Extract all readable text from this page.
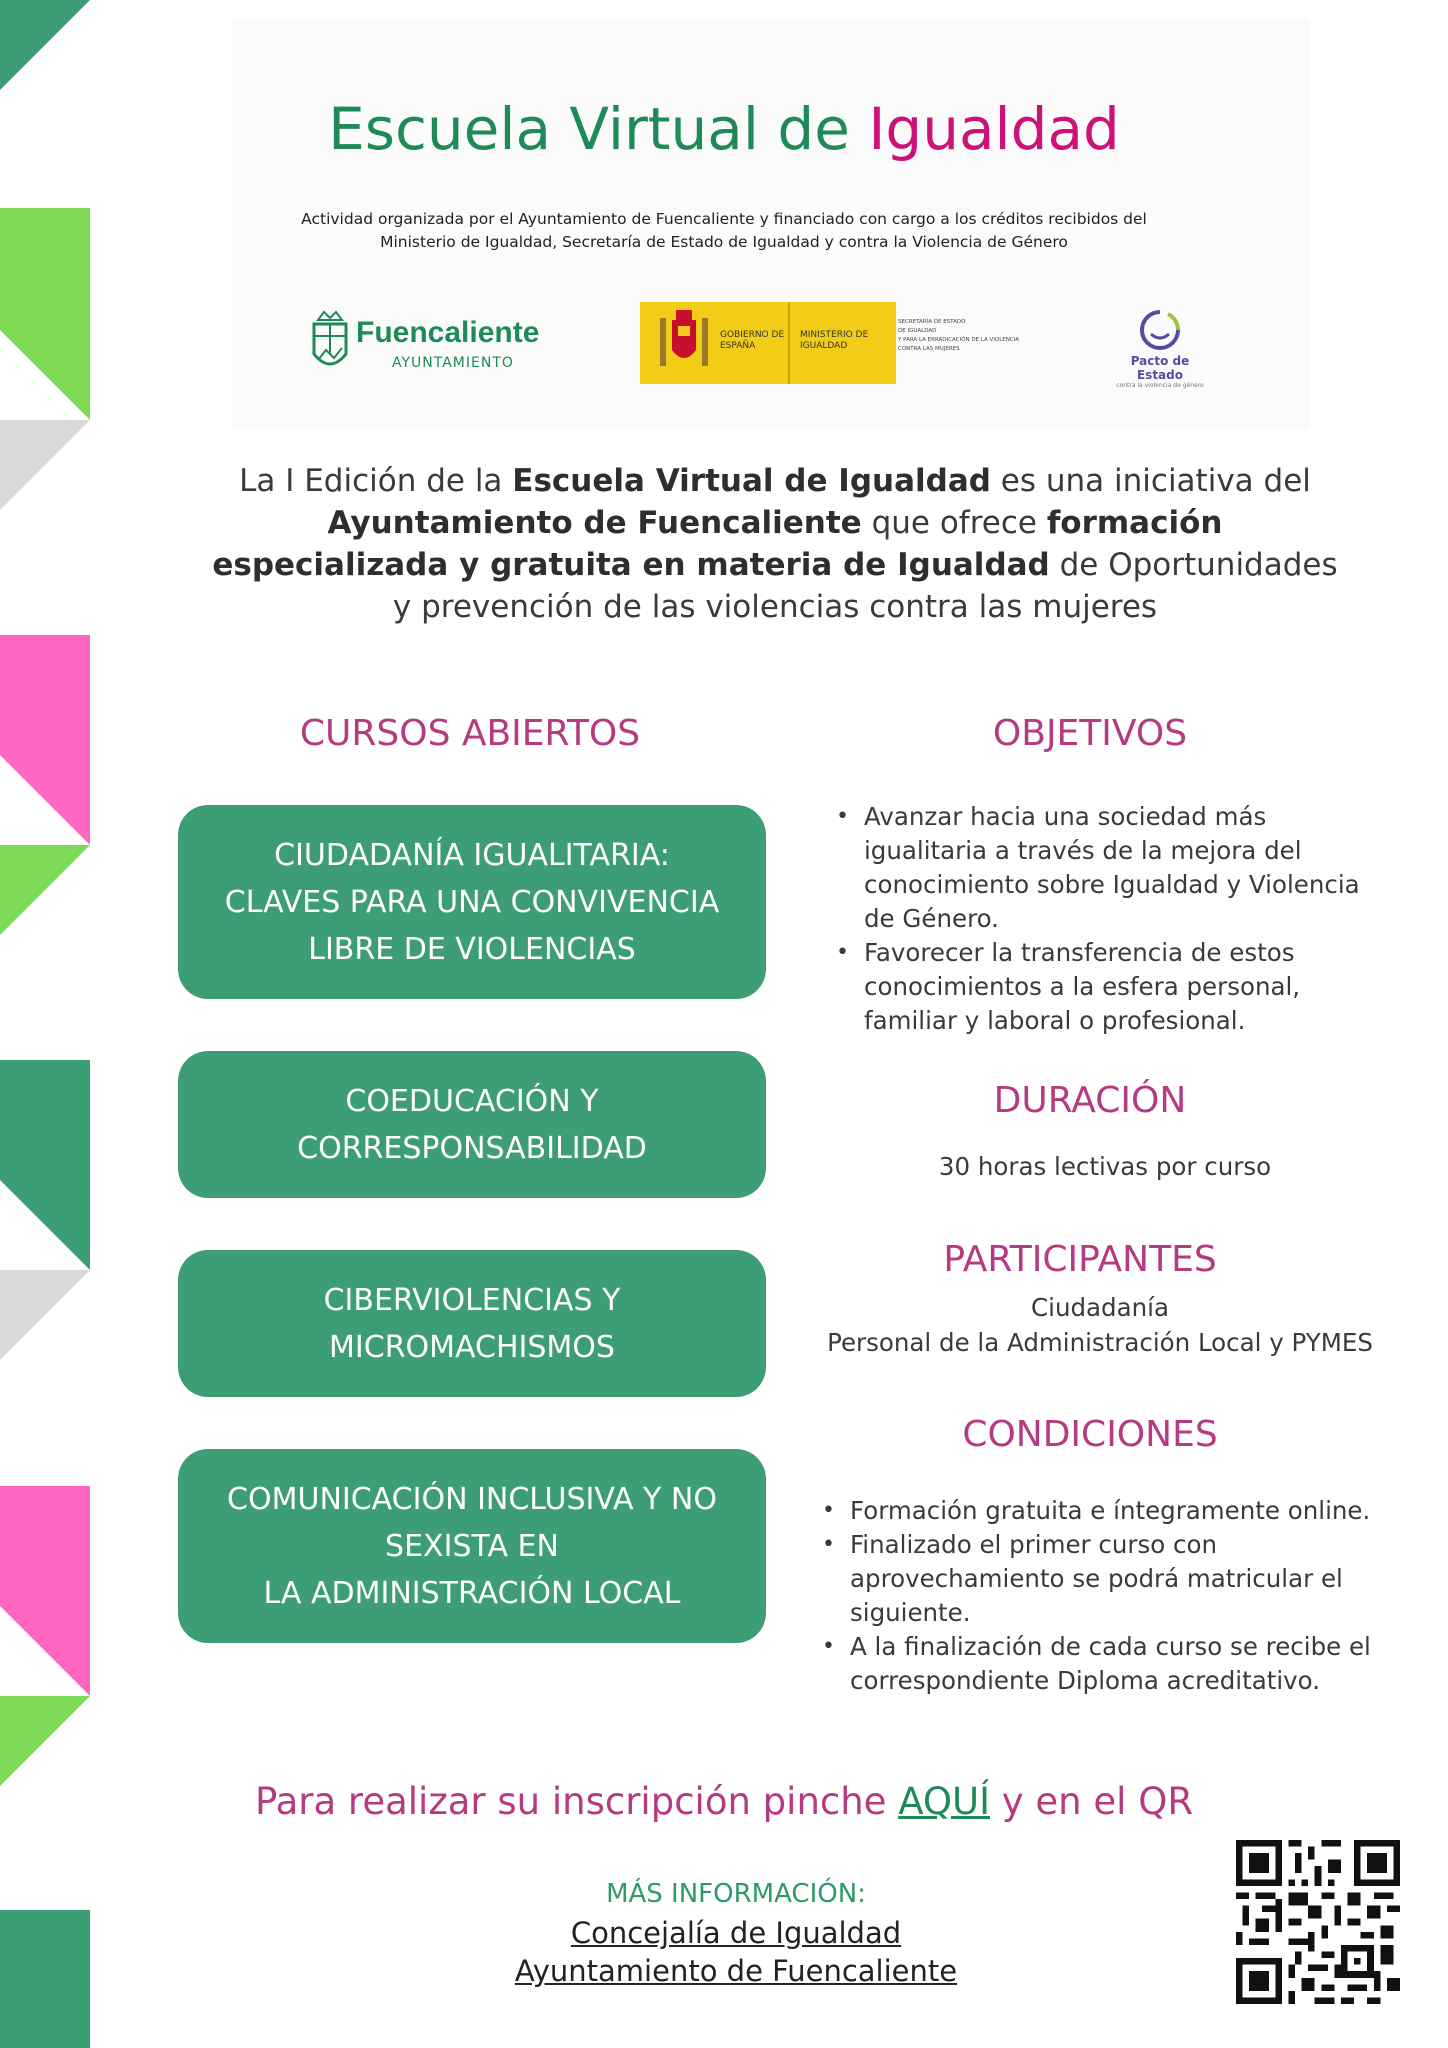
Escuela Virtual de Igualdad
Actividad organizada por el Ayuntamiento de Fuencaliente y financiado con cargo a los créditos recibidos del
Ministerio de Igualdad, Secretaría de Estado de Igualdad y contra la Violencia de Género
Fuencaliente
AYUNTAMIENTO
GOBIERNO DE ESPAÑA
MINISTERIO DE IGUALDAD
SECRETARÍA DE ESTADO
DE IGUALDAD
Y PARA LA ERRADICACIÓN DE LA VIOLENCIA
CONTRA LAS MUJERES
Pacto de Estado
contra la violencia de género
La I Edición de la Escuela Virtual de Igualdad es una iniciativa del Ayuntamiento de Fuencaliente que ofrece formación especializada y gratuita en materia de Igualdad de Oportunidades y prevención de las violencias contra las mujeres
CURSOS ABIERTOS
CIUDADANÍA IGUALITARIA:
CLAVES PARA UNA CONVIVENCIA
LIBRE DE VIOLENCIAS
COEDUCACIÓN Y
CORRESPONSABILIDAD
CIBERVIOLENCIAS Y
MICROMACHISMOS
COMUNICACIÓN INCLUSIVA Y NO
SEXISTA EN
LA ADMINISTRACIÓN LOCAL
OBJETIVOS
• Avanzar hacia una sociedad más igualitaria a través de la mejora del conocimiento sobre Igualdad y Violencia de Género.
• Favorecer la transferencia de estos conocimientos a la esfera personal, familiar y laboral o profesional.
DURACIÓN
30 horas lectivas por curso
PARTICIPANTES
Ciudadanía
Personal de la Administración Local y PYMES
CONDICIONES
• Formación gratuita e íntegramente online.
• Finalizado el primer curso con aprovechamiento se podrá matricular el siguiente.
• A la finalización de cada curso se recibe el correspondiente Diploma acreditativo.
Para realizar su inscripción pinche AQUÍ y en el QR
MÁS INFORMACIÓN:
Concejalía de Igualdad
Ayuntamiento de Fuencaliente
